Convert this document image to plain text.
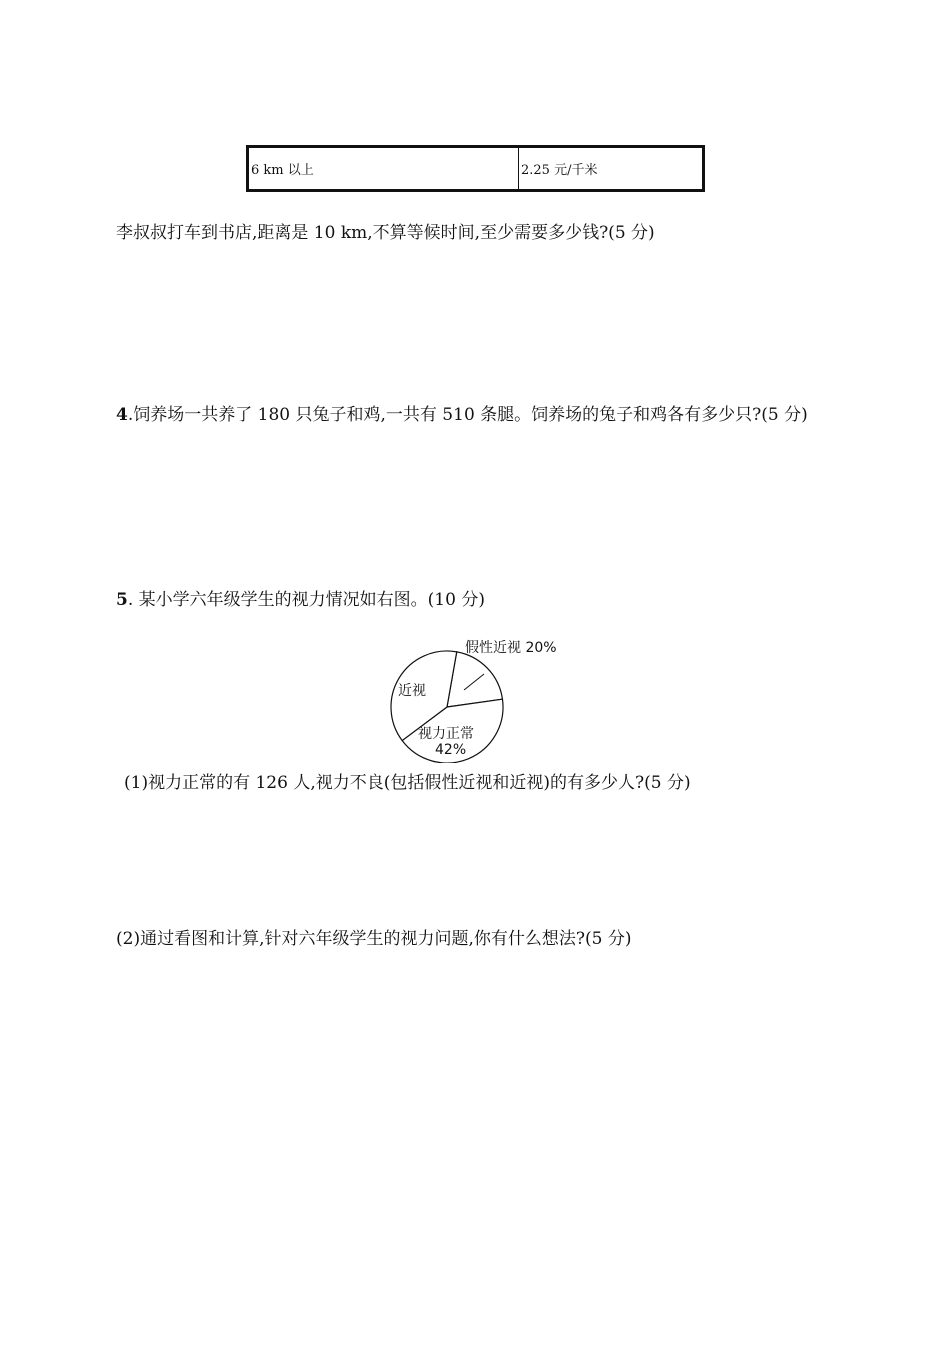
6 km 以上	2.25 元/千米
李叔叔打车到书店,距离是 10 km,不算等候时间,至少需要多少钱?(5 分)
4.饲养场一共养了 180 只兔子和鸡,一共有 510 条腿。饲养场的兔子和鸡各有多少只?(5 分)
5. 某小学六年级学生的视力情况如右图。(10 分)
假性近视 20%
近视
视力正常
42%
(1)视力正常的有 126 人,视力不良(包括假性近视和近视)的有多少人?(5 分)
(2)通过看图和计算,针对六年级学生的视力问题,你有什么想法?(5 分)
